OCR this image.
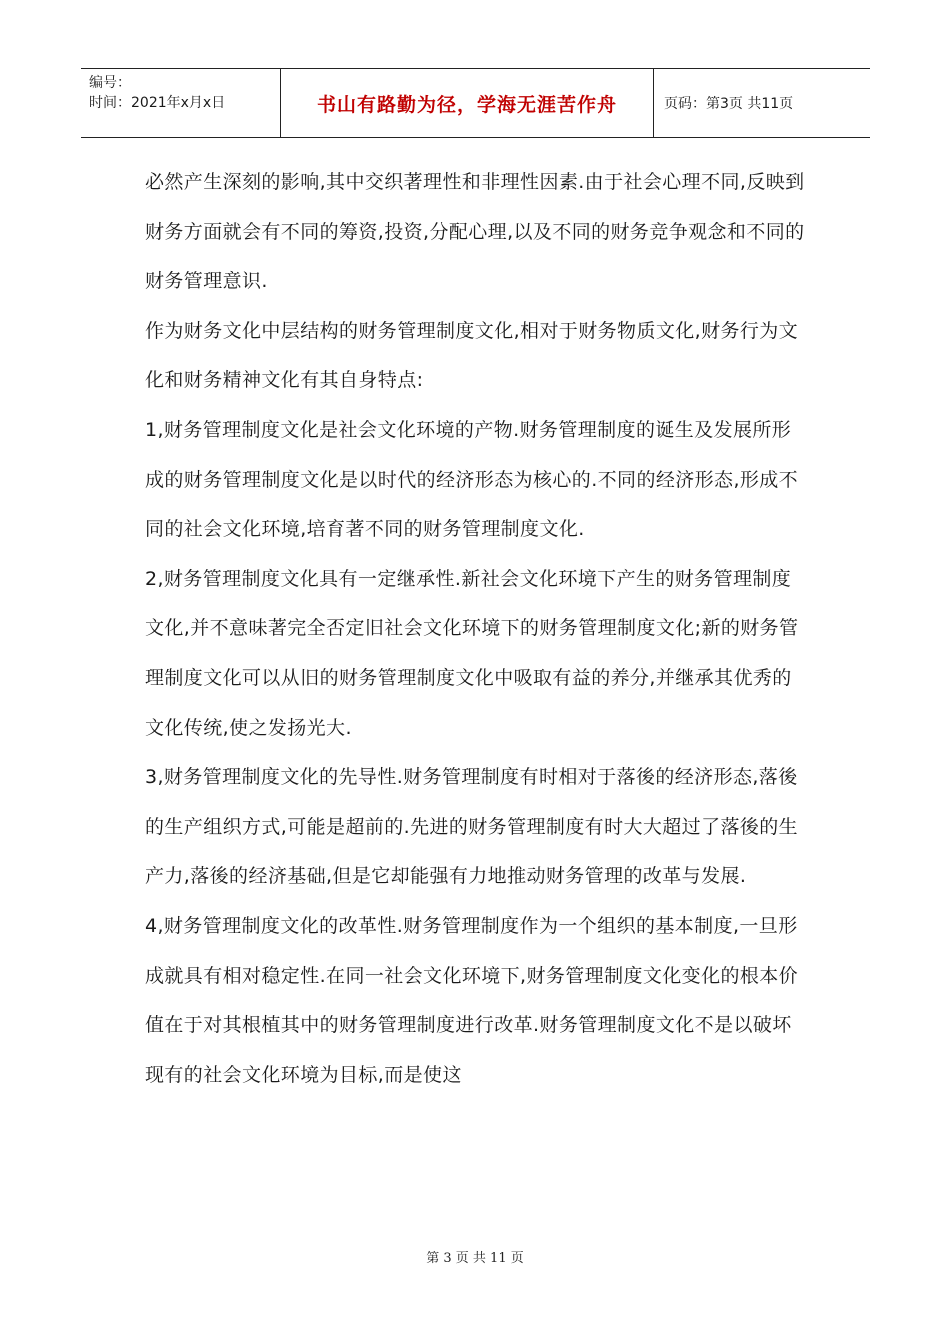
编号：
时间：2021年x月x日	书山有路勤为径，学海无涯苦作舟	页码：第3页 共11页

必然产生深刻的影响,其中交织著理性和非理性因素.由于社会心理不同,反映到财务方面就会有不同的筹资,投资,分配心理,以及不同的财务竞争观念和不同的财务管理意识.

作为财务文化中层结构的财务管理制度文化,相对于财务物质文化,财务行为文化和财务精神文化有其自身特点:

1,财务管理制度文化是社会文化环境的产物.财务管理制度的诞生及发展所形成的财务管理制度文化是以时代的经济形态为核心的.不同的经济形态,形成不同的社会文化环境,培育著不同的财务管理制度文化.

2,财务管理制度文化具有一定继承性.新社会文化环境下产生的财务管理制度文化,并不意味著完全否定旧社会文化环境下的财务管理制度文化;新的财务管理制度文化可以从旧的财务管理制度文化中吸取有益的养分,并继承其优秀的文化传统,使之发扬光大.

3,财务管理制度文化的先导性.财务管理制度有时相对于落後的经济形态,落後的生产组织方式,可能是超前的.先进的财务管理制度有时大大超过了落後的生产力,落後的经济基础,但是它却能强有力地推动财务管理的改革与发展.

4,财务管理制度文化的改革性.财务管理制度作为一个组织的基本制度,一旦形成就具有相对稳定性.在同一社会文化环境下,财务管理制度文化变化的根本价值在于对其根植其中的财务管理制度进行改革.财务管理制度文化不是以破坏现有的社会文化环境为目标,而是使这

第 3 页 共 11 页
